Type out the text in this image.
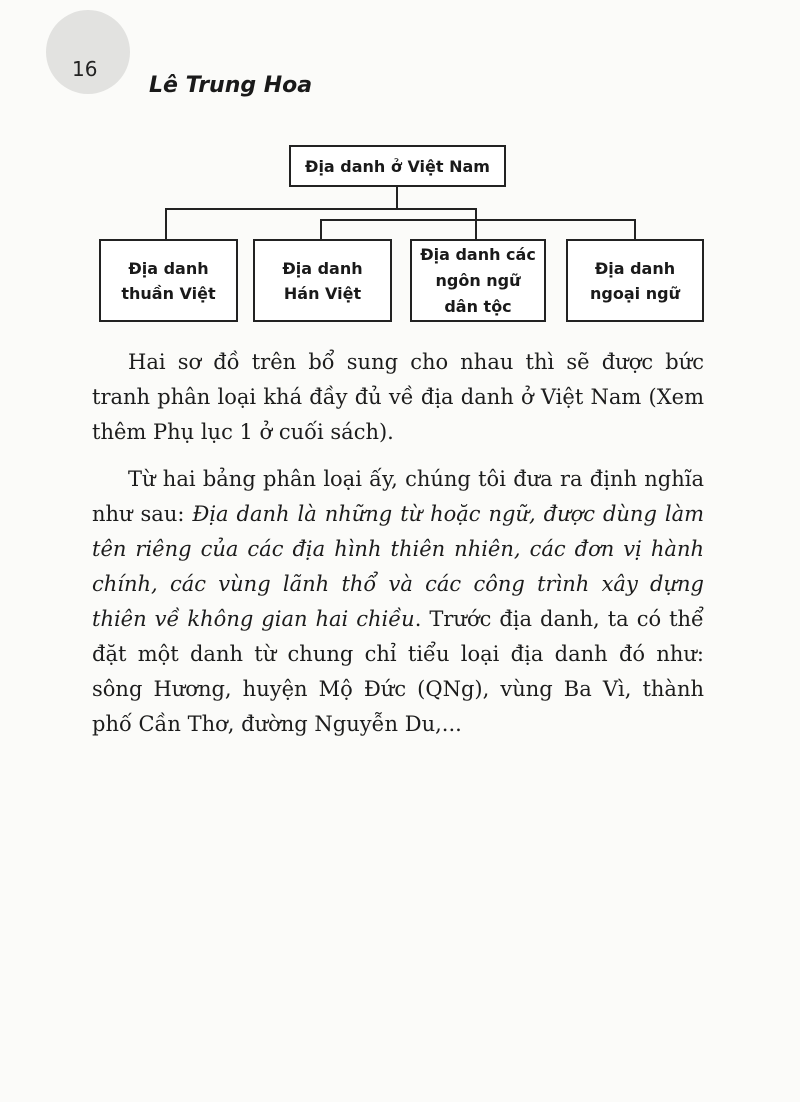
16
Lê Trung Hoa
Địa danh ở Việt Nam
Địa danh
thuần Việt
Địa danh
Hán Việt
Địa danh các
ngôn ngữ
dân tộc
Địa danh
ngoại ngữ

Hai sơ đồ trên bổ sung cho nhau thì sẽ được bức tranh phân loại khá đầy đủ về địa danh ở Việt Nam (Xem thêm Phụ lục 1 ở cuối sách).

Từ hai bảng phân loại ấy, chúng tôi đưa ra định nghĩa như sau: Địa danh là những từ hoặc ngữ, được dùng làm tên riêng của các địa hình thiên nhiên, các đơn vị hành chính, các vùng lãnh thổ và các công trình xây dựng thiên về không gian hai chiều. Trước địa danh, ta có thể đặt một danh từ chung chỉ tiểu loại địa danh đó như: sông Hương, huyện Mộ Đức (QNg), vùng Ba Vì, thành phố Cần Thơ, đường Nguyễn Du,...
